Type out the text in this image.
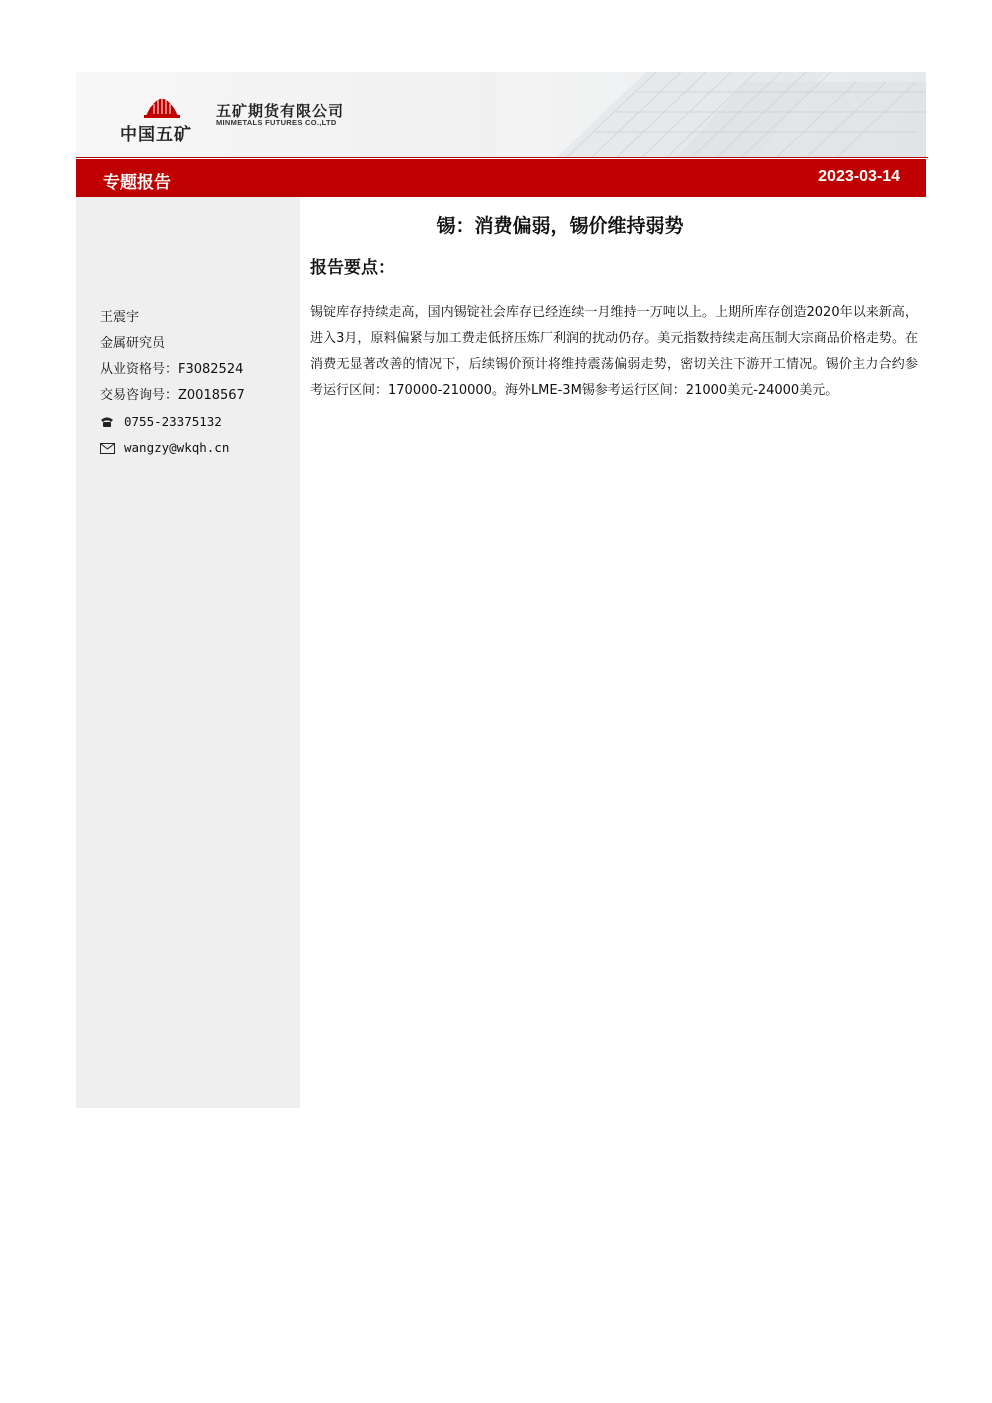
中国五矿
五矿期货有限公司
MINMETALS FUTURES CO.,LTD
专题报告	2023-03-14
王震宇
金属研究员
从业资格号：F3082524
交易咨询号：Z0018567
0755-23375132
wangzy@wkqh.cn
锡：消费偏弱，锡价维持弱势
报告要点：
锡锭库存持续走高，国内锡锭社会库存已经连续一月维持一万吨以上。上期所库存创造2020年以来新高，进入3月，原料偏紧与加工费走低挤压炼厂利润的扰动仍存。美元指数持续走高压制大宗商品价格走势。在消费无显著改善的情况下，后续锡价预计将维持震荡偏弱走势，密切关注下游开工情况。锡价主力合约参考运行区间：170000-210000。海外LME-3M锡参考运行区间：21000美元-24000美元。
